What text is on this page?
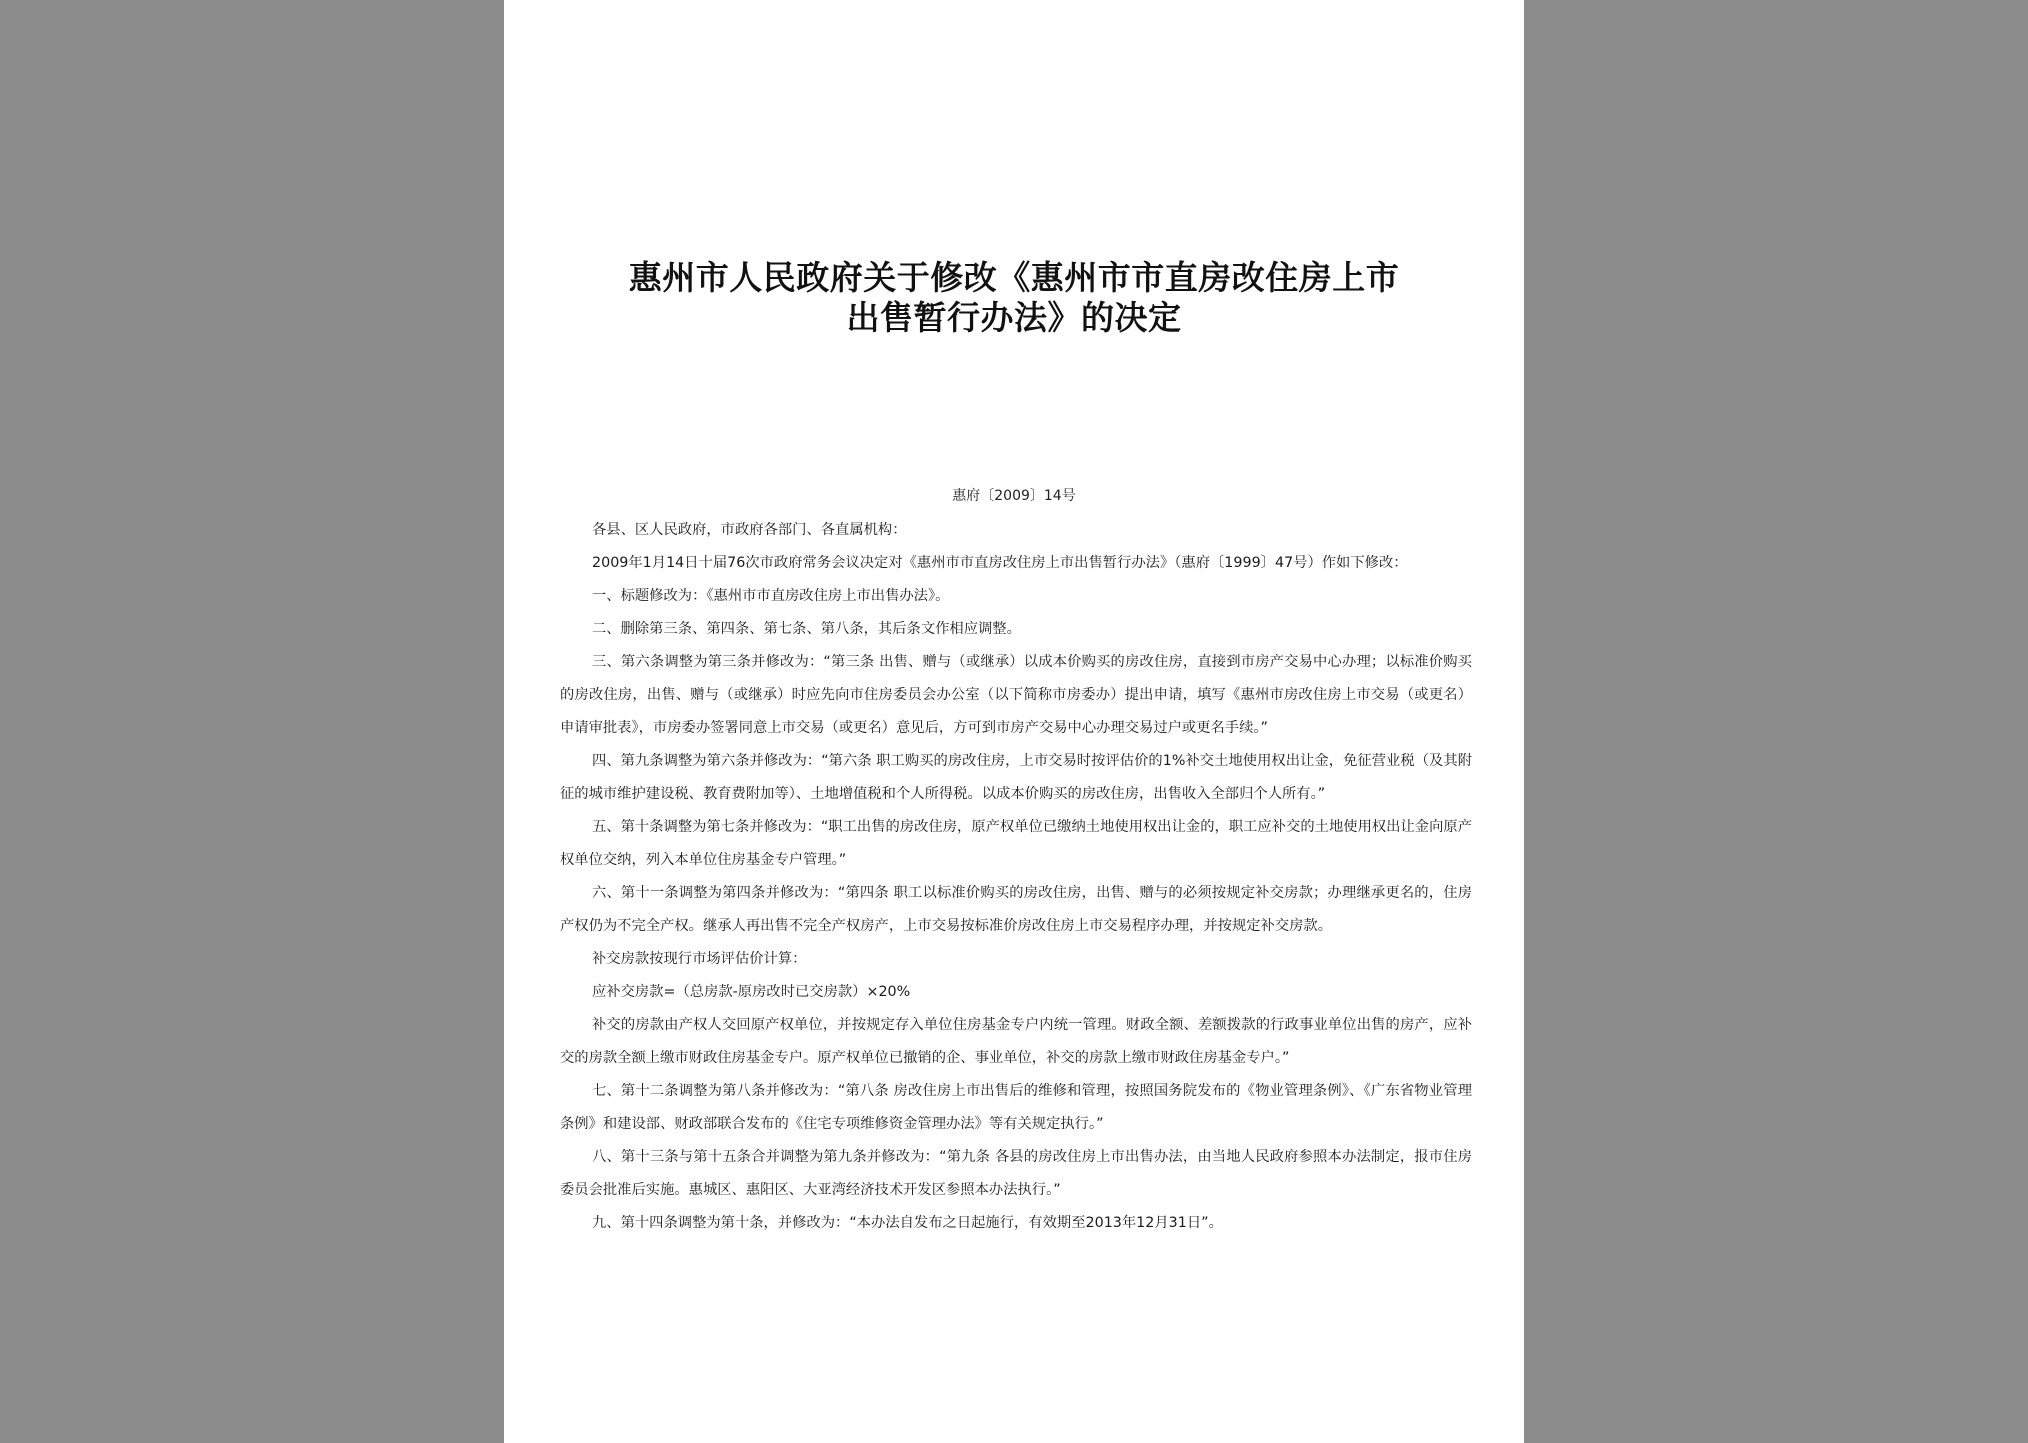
惠州市人民政府关于修改《惠州市市直房改住房上市
出售暂行办法》的决定
惠府〔2009〕14号

各县、区人民政府，市政府各部门、各直属机构：

2009年1月14日十届76次市政府常务会议决定对《惠州市市直房改住房上市出售暂行办法》（惠府〔1999〕47号）作如下修改：

一、标题修改为：《惠州市市直房改住房上市出售办法》。

二、删除第三条、第四条、第七条、第八条，其后条文作相应调整。

三、第六条调整为第三条并修改为：“第三条 出售、赠与（或继承）以成本价购买的房改住房，直接到市房产交易中心办理；以标准价购买的房改住房，出售、赠与（或继承）时应先向市住房委员会办公室（以下简称市房委办）提出申请，填写《惠州市房改住房上市交易（或更名）申请审批表》，市房委办签署同意上市交易（或更名）意见后，方可到市房产交易中心办理交易过户或更名手续。”

四、第九条调整为第六条并修改为：“第六条 职工购买的房改住房，上市交易时按评估价的1%补交土地使用权出让金，免征营业税（及其附征的城市维护建设税、教育费附加等）、土地增值税和个人所得税。以成本价购买的房改住房，出售收入全部归个人所有。”

五、第十条调整为第七条并修改为：“职工出售的房改住房，原产权单位已缴纳土地使用权出让金的，职工应补交的土地使用权出让金向原产权单位交纳，列入本单位住房基金专户管理。”

六、第十一条调整为第四条并修改为：“第四条 职工以标准价购买的房改住房，出售、赠与的必须按规定补交房款；办理继承更名的，住房产权仍为不完全产权。继承人再出售不完全产权房产，上市交易按标准价房改住房上市交易程序办理，并按规定补交房款。

补交房款按现行市场评估价计算：

应补交房款=（总房款-原房改时已交房款）×20%

补交的房款由产权人交回原产权单位，并按规定存入单位住房基金专户内统一管理。财政全额、差额拨款的行政事业单位出售的房产，应补交的房款全额上缴市财政住房基金专户。原产权单位已撤销的企、事业单位，补交的房款上缴市财政住房基金专户。”

七、第十二条调整为第八条并修改为：“第八条 房改住房上市出售后的维修和管理，按照国务院发布的《物业管理条例》、《广东省物业管理条例》和建设部、财政部联合发布的《住宅专项维修资金管理办法》等有关规定执行。”

八、第十三条与第十五条合并调整为第九条并修改为：“第九条 各县的房改住房上市出售办法，由当地人民政府参照本办法制定，报市住房委员会批准后实施。惠城区、惠阳区、大亚湾经济技术开发区参照本办法执行。”

九、第十四条调整为第十条，并修改为：“本办法自发布之日起施行，有效期至2013年12月31日”。
